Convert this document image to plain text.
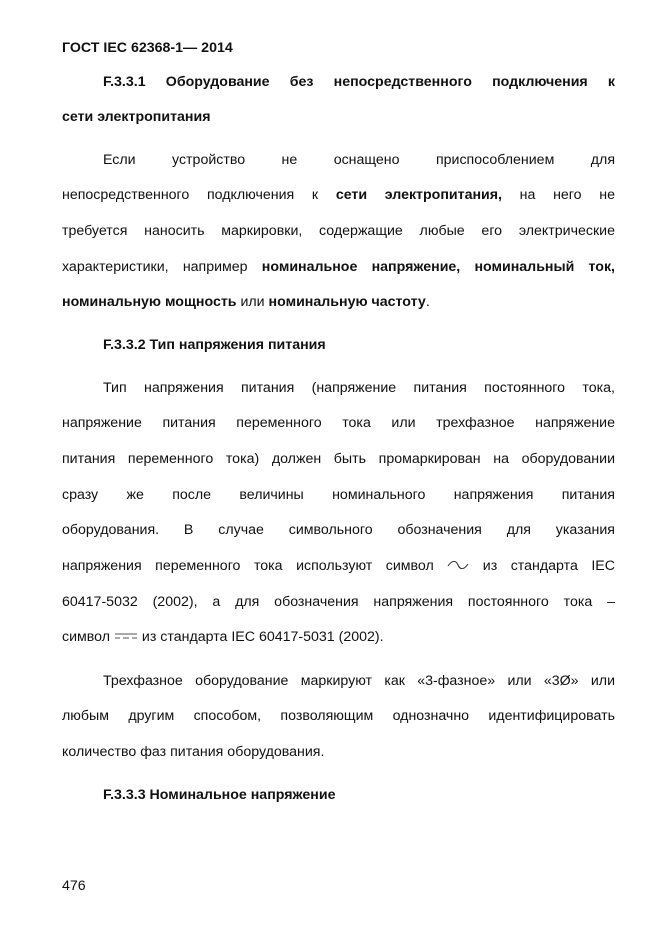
ГОСТ IEC 62368-1— 2014
F.3.3.1 Оборудование без непосредственного подключения к
сети электропитания
Если устройство не оснащено приспособлением для
непосредственного подключения к сети электропитания, на него не
требуется наносить маркировки, содержащие любые его электрические
характеристики, например номинальное напряжение, номинальный ток,
номинальную мощность или номинальную частоту.
F.3.3.2 Тип напряжения питания
Тип напряжения питания (напряжение питания постоянного тока,
напряжение питания переменного тока или трехфазное напряжение
питания переменного тока) должен быть промаркирован на оборудовании
сразу же после величины номинального напряжения питания
оборудования. В случае символьного обозначения для указания
напряжения переменного тока используют символ	из стандарта IEC
60417-5032 (2002), а для обозначения напряжения постоянного тока –
символ из стандарта IEC 60417-5031 (2002).
Трехфазное оборудование маркируют как «3-фазное» или «3Ø» или
любым другим способом, позволяющим однозначно идентифицировать
количество фаз питания оборудования.
F.3.3.3 Номинальное напряжение
476
